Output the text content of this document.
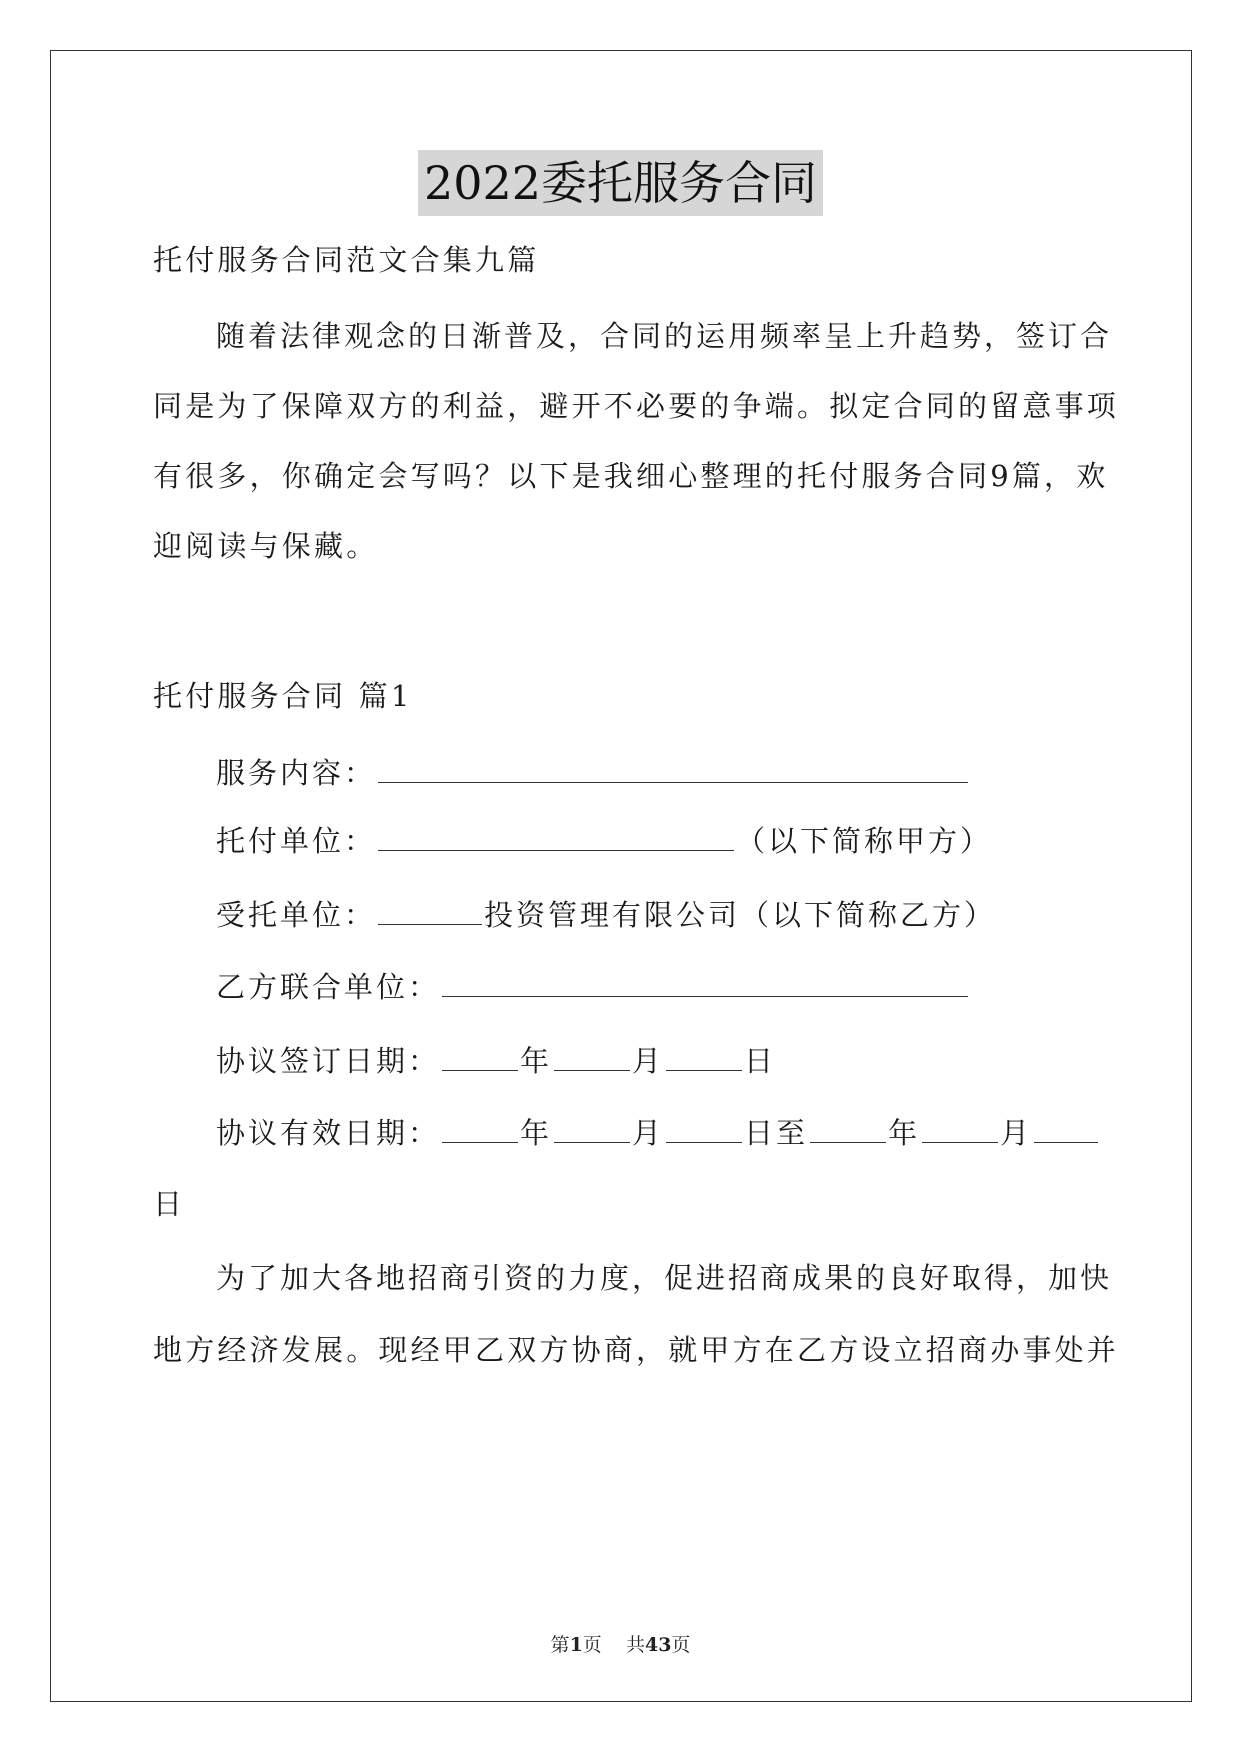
2022委托服务合同
托付服务合同范文合集九篇
随着法律观念的日渐普及，合同的运用频率呈上升趋势，签订合
同是为了保障双方的利益，避开不必要的争端。拟定合同的留意事项
有很多，你确定会写吗？以下是我细心整理的托付服务合同9篇，欢
迎阅读与保藏。
托付服务合同 篇1
服务内容：
托付单位：	（以下简称甲方）
受托单位：	投资管理有限公司（以下简称乙方）
乙方联合单位：
协议签订日期：	年	月	日
协议有效日期：	年	月	日至	年	月
日
为了加大各地招商引资的力度，促进招商成果的良好取得，加快
地方经济发展。现经甲乙双方协商，就甲方在乙方设立招商办事处并
第1页    共43页
